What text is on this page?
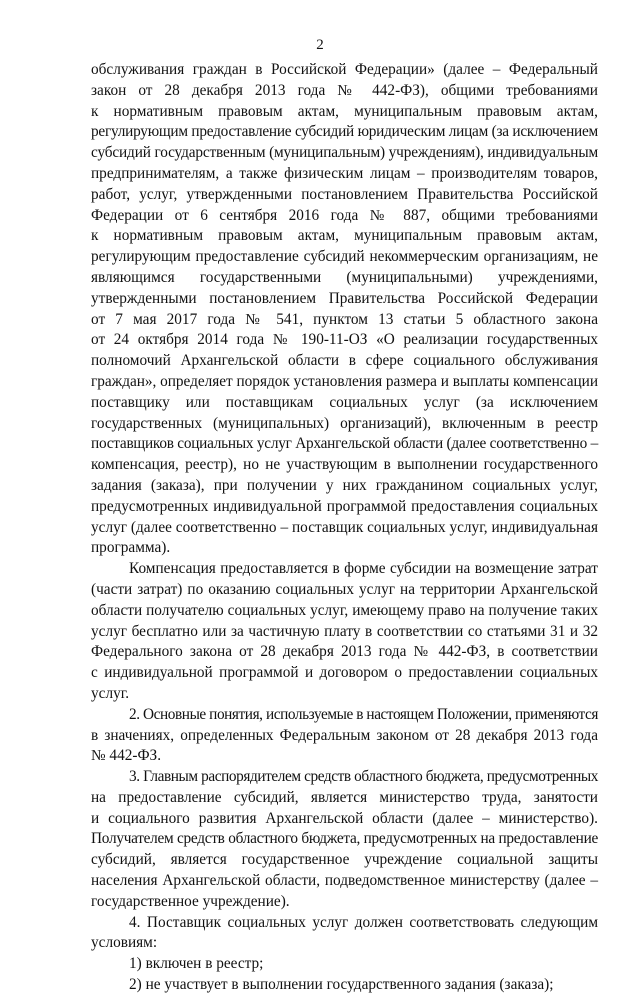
2
обслуживания граждан в Российской Федерации» (далее – Федеральный
закон от 28 декабря 2013 года № 442-ФЗ), общими требованиями
к нормативным правовым актам, муниципальным правовым актам,
регулирующим предоставление субсидий юридическим лицам (за исключением
субсидий государственным (муниципальным) учреждениям), индивидуальным
предпринимателям, а также физическим лицам – производителям товаров,
работ, услуг, утвержденными постановлением Правительства Российской
Федерации от 6 сентября 2016 года № 887, общими требованиями
к нормативным правовым актам, муниципальным правовым актам,
регулирующим предоставление субсидий некоммерческим организациям, не
являющимся государственными (муниципальными) учреждениями,
утвержденными постановлением Правительства Российской Федерации
от 7 мая 2017 года № 541, пунктом 13 статьи 5 областного закона
от 24 октября 2014 года № 190-11-ОЗ «О реализации государственных
полномочий Архангельской области в сфере социального обслуживания
граждан», определяет порядок установления размера и выплаты компенсации
поставщику или поставщикам социальных услуг (за исключением
государственных (муниципальных) организаций), включенным в реестр
поставщиков социальных услуг Архангельской области (далее соответственно –
компенсация, реестр), но не участвующим в выполнении государственного
задания (заказа), при получении у них гражданином социальных услуг,
предусмотренных индивидуальной программой предоставления социальных
услуг (далее соответственно – поставщик социальных услуг, индивидуальная
программа).
Компенсация предоставляется в форме субсидии на возмещение затрат
(части затрат) по оказанию социальных услуг на территории Архангельской
области получателю социальных услуг, имеющему право на получение таких
услуг бесплатно или за частичную плату в соответствии со статьями 31 и 32
Федерального закона от 28 декабря 2013 года № 442-ФЗ, в соответствии
с индивидуальной программой и договором о предоставлении социальных
услуг.
2. Основные понятия, используемые в настоящем Положении, применяются
в значениях, определенных Федеральным законом от 28 декабря 2013 года
№ 442-ФЗ.
3. Главным распорядителем средств областного бюджета, предусмотренных
на предоставление субсидий, является министерство труда, занятости
и социального развития Архангельской области (далее – министерство).
Получателем средств областного бюджета, предусмотренных на предоставление
субсидий, является государственное учреждение социальной защиты
населения Архангельской области, подведомственное министерству (далее –
государственное учреждение).
4. Поставщик социальных услуг должен соответствовать следующим
условиям:
1) включен в реестр;
2) не участвует в выполнении государственного задания (заказа);
